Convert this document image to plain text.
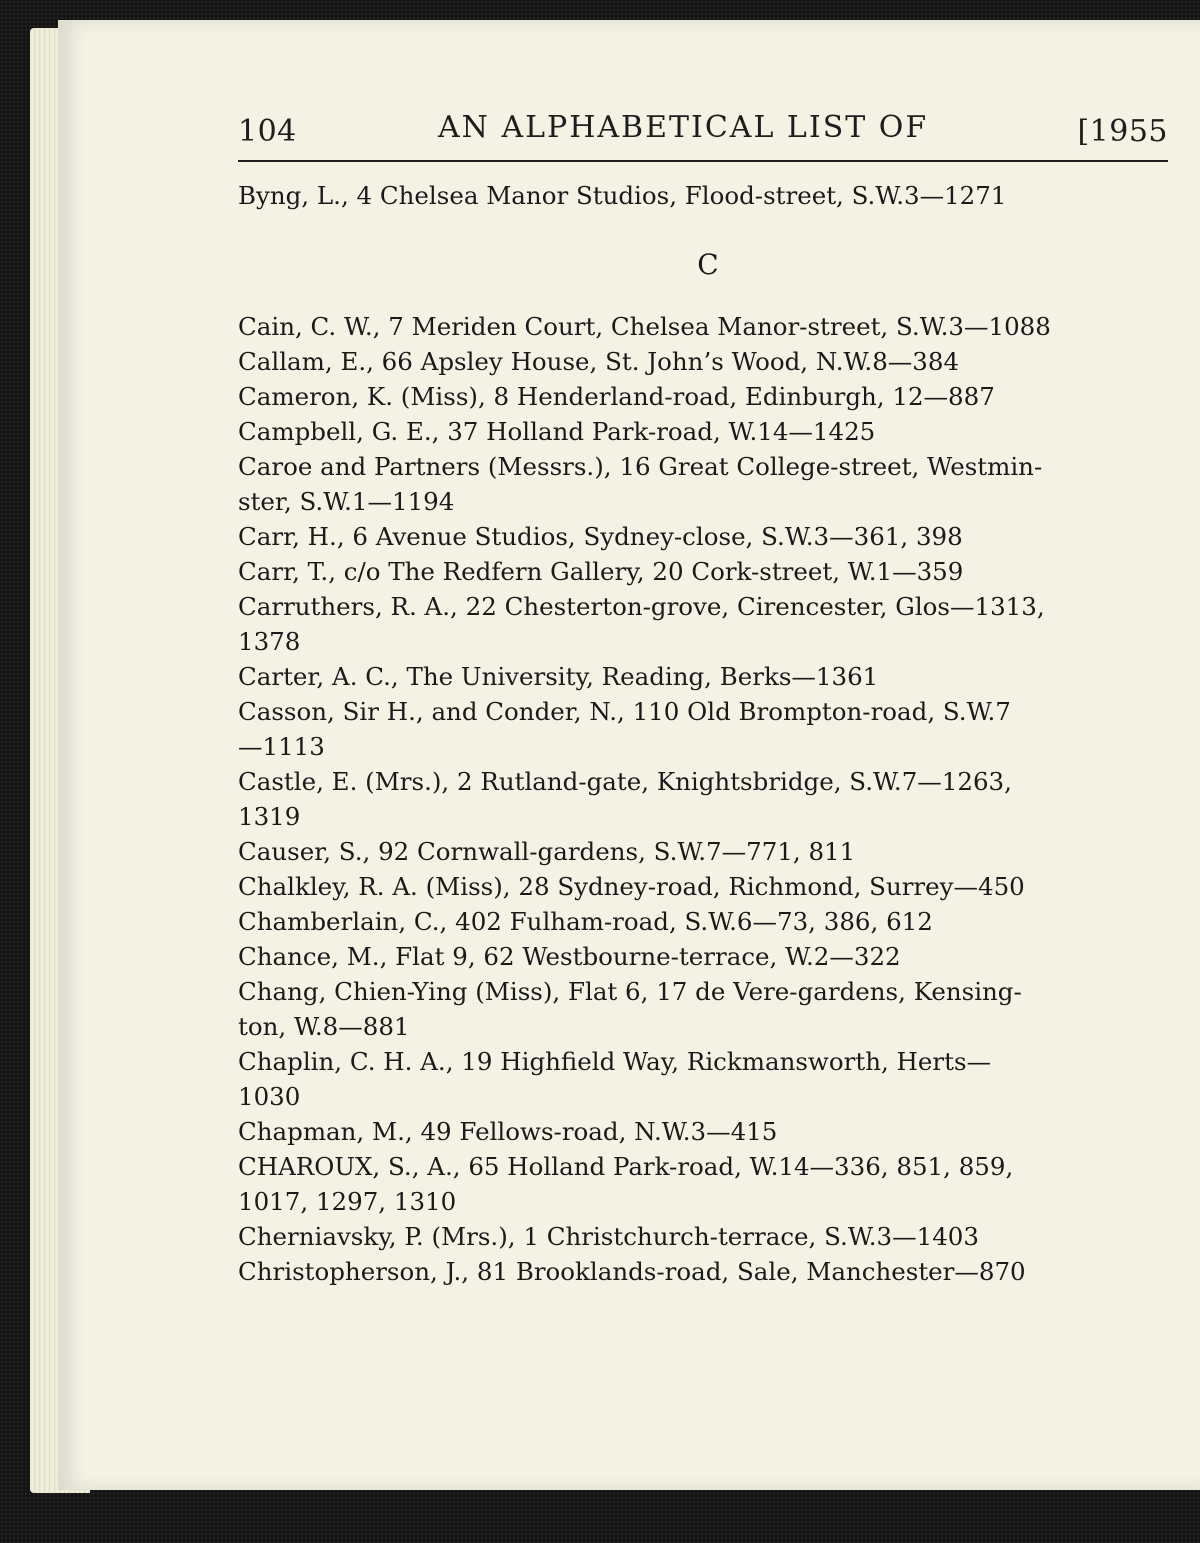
104	AN ALPHABETICAL LIST OF	[1955
Byng, L., 4 Chelsea Manor Studios, Flood-street, S.W.3—1271
C
Cain, C. W., 7 Meriden Court, Chelsea Manor-street, S.W.3—1088
Callam, E., 66 Apsley House, St. John’s Wood, N.W.8—384
Cameron, K. (Miss), 8 Henderland-road, Edinburgh, 12—887
Campbell, G. E., 37 Holland Park-road, W.14—1425
Caroe and Partners (Messrs.), 16 Great College-street, Westmin-
ster, S.W.1—1194
Carr, H., 6 Avenue Studios, Sydney-close, S.W.3—361, 398
Carr, T., c/o The Redfern Gallery, 20 Cork-street, W.1—359
Carruthers, R. A., 22 Chesterton-grove, Cirencester, Glos—1313,
1378
Carter, A. C., The University, Reading, Berks—1361
Casson, Sir H., and Conder, N., 110 Old Brompton-road, S.W.7
—1113
Castle, E. (Mrs.), 2 Rutland-gate, Knightsbridge, S.W.7—1263,
1319
Causer, S., 92 Cornwall-gardens, S.W.7—771, 811
Chalkley, R. A. (Miss), 28 Sydney-road, Richmond, Surrey—450
Chamberlain, C., 402 Fulham-road, S.W.6—73, 386, 612
Chance, M., Flat 9, 62 Westbourne-terrace, W.2—322
Chang, Chien-Ying (Miss), Flat 6, 17 de Vere-gardens, Kensing-
ton, W.8—881
Chaplin, C. H. A., 19 Highfield Way, Rickmansworth, Herts—
1030
Chapman, M., 49 Fellows-road, N.W.3—415
CHAROUX, S., A., 65 Holland Park-road, W.14—336, 851, 859,
1017, 1297, 1310
Cherniavsky, P. (Mrs.), 1 Christchurch-terrace, S.W.3—1403
Christopherson, J., 81 Brooklands-road, Sale, Manchester—870
